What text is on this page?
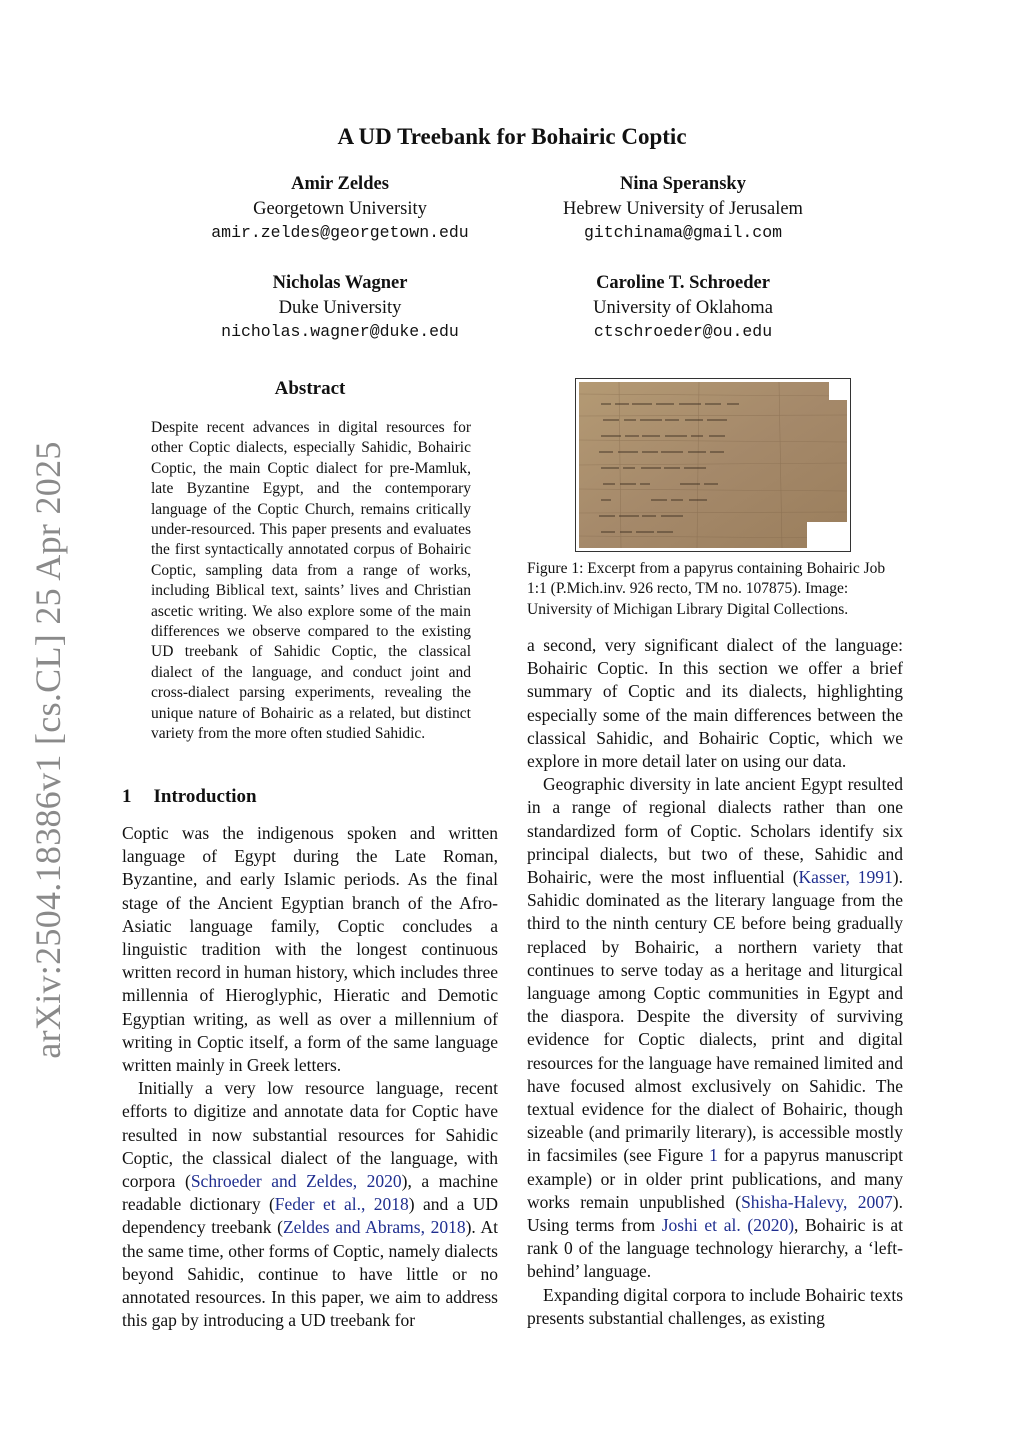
A UD Treebank for Bohairic Coptic
arXiv:2504.18386v1 [cs.CL] 25 Apr 2025
Amir Zeldes
Georgetown University
amir.zeldes@georgetown.edu
Nina Speransky
Hebrew University of Jerusalem
gitchinama@gmail.com
Nicholas Wagner
Duke University
nicholas.wagner@duke.edu
Caroline T. Schroeder
University of Oklahoma
ctschroeder@ou.edu
Abstract
Despite recent advances in digital resources for other Coptic dialects, especially Sahidic, Bohairic Coptic, the main Coptic dialect for pre-Mamluk, late Byzantine Egypt, and the contemporary language of the Coptic Church, remains critically under-resourced. This paper presents and evaluates the first syntactically annotated corpus of Bohairic Coptic, sampling data from a range of works, including Biblical text, saints’ lives and Christian ascetic writing. We also explore some of the main differences we observe compared to the existing UD treebank of Sahidic Coptic, the classical dialect of the language, and conduct joint and cross-dialect parsing experiments, revealing the unique nature of Bohairic as a related, but distinct variety from the more often studied Sahidic.
1 Introduction

Coptic was the indigenous spoken and written language of Egypt during the Late Roman, Byzantine, and early Islamic periods. As the final stage of the Ancient Egyptian branch of the Afro-Asiatic language family, Coptic concludes a linguistic tradition with the longest continuous written record in human history, which includes three millennia of Hieroglyphic, Hieratic and Demotic Egyptian writing, as well as over a millennium of writing in Coptic itself, a form of the same language written mainly in Greek letters.

Initially a very low resource language, recent efforts to digitize and annotate data for Coptic have resulted in now substantial resources for Sahidic Coptic, the classical dialect of the language, with corpora (Schroeder and Zeldes, 2020), a machine readable dictionary (Feder et al., 2018) and a UD dependency treebank (Zeldes and Abrams, 2018). At the same time, other forms of Coptic, namely dialects beyond Sahidic, continue to have little or no annotated resources. In this paper, we aim to address this gap by introducing a UD treebank for

Figure 1: Excerpt from a papyrus containing Bohairic Job 1:1 (P.Mich.inv. 926 recto, TM no. 107875). Image: University of Michigan Library Digital Collections.

a second, very significant dialect of the language: Bohairic Coptic. In this section we offer a brief summary of Coptic and its dialects, highlighting especially some of the main differences between the classical Sahidic, and Bohairic Coptic, which we explore in more detail later on using our data.

Geographic diversity in late ancient Egypt resulted in a range of regional dialects rather than one standardized form of Coptic. Scholars identify six principal dialects, but two of these, Sahidic and Bohairic, were the most influential (Kasser, 1991). Sahidic dominated as the literary language from the third to the ninth century CE before being gradually replaced by Bohairic, a northern variety that continues to serve today as a heritage and liturgical language among Coptic communities in Egypt and the diaspora. Despite the diversity of surviving evidence for Coptic dialects, print and digital resources for the language have remained limited and have focused almost exclusively on Sahidic. The textual evidence for the dialect of Bohairic, though sizeable (and primarily literary), is accessible mostly in facsimiles (see Figure 1 for a papyrus manuscript example) or in older print publications, and many works remain unpublished (Shisha-Halevy, 2007). Using terms from Joshi et al. (2020), Bohairic is at rank 0 of the language technology hierarchy, a ‘left-behind’ language.

Expanding digital corpora to include Bohairic texts presents substantial challenges, as existing
